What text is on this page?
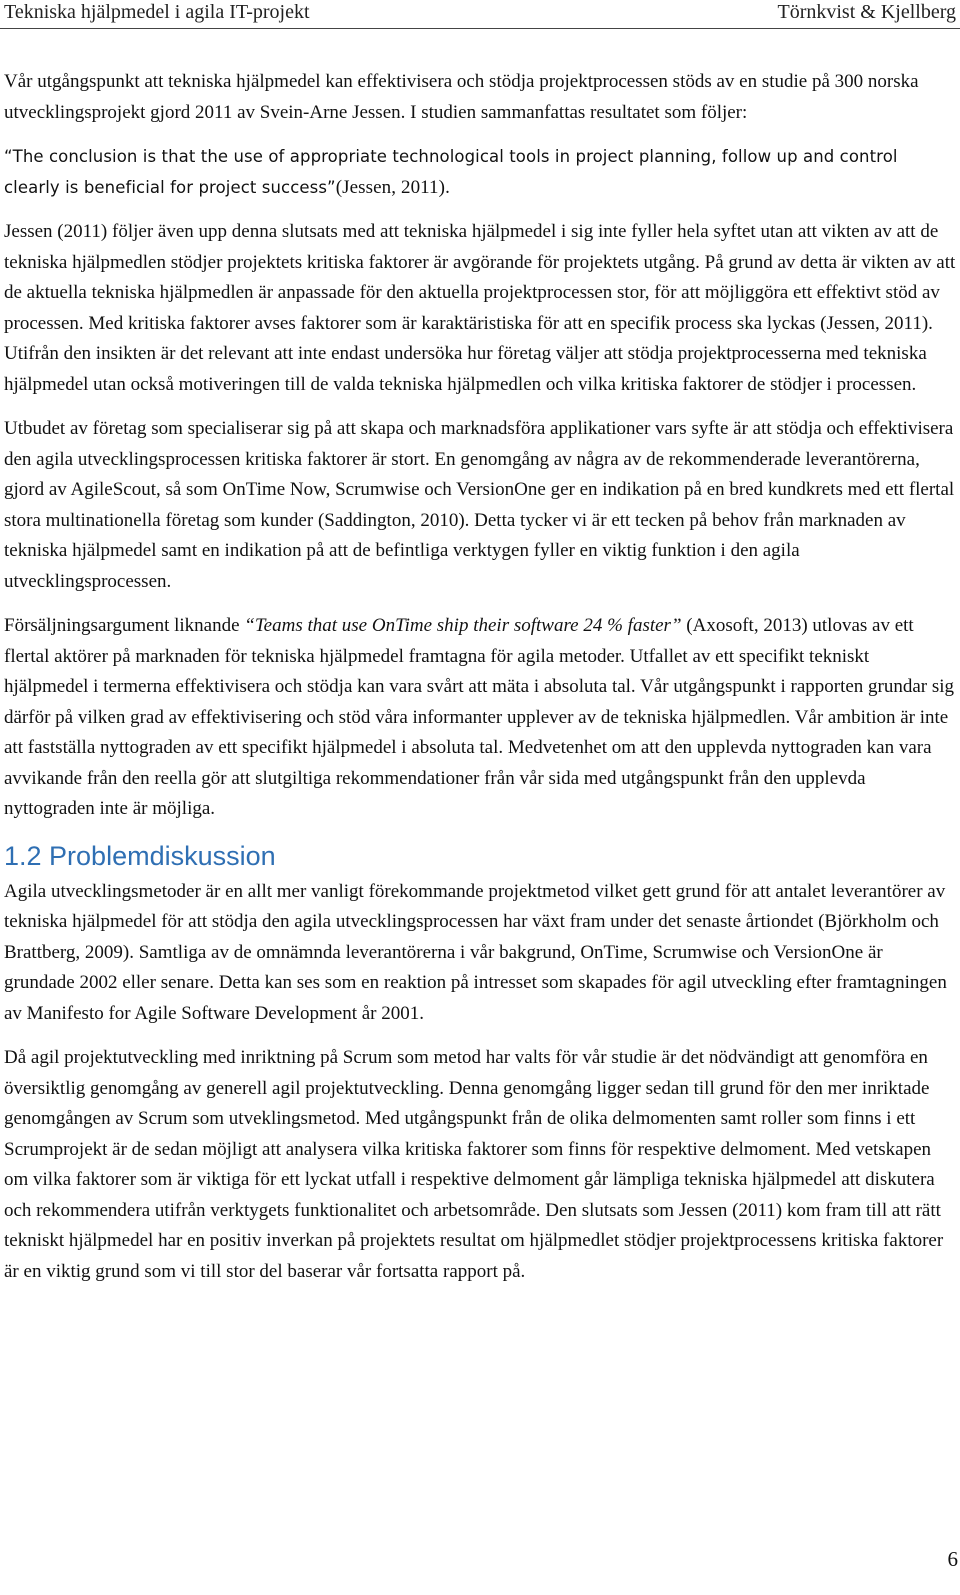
Tekniska hjälpmedel i agila IT-projekt	Törnkvist & Kjellberg

Vår utgångspunkt att tekniska hjälpmedel kan effektivisera och stödja projektprocessen stöds av en studie på 300 norska utvecklingsprojekt gjord 2011 av Svein-Arne Jessen. I studien sammanfattas resultatet som följer:

“The conclusion is that the use of appropriate technological tools in project planning, follow up and control clearly is beneficial for project success”(Jessen, 2011).

Jessen (2011) följer även upp denna slutsats med att tekniska hjälpmedel i sig inte fyller hela syftet utan att vikten av att de tekniska hjälpmedlen stödjer projektets kritiska faktorer är avgörande för projektets utgång. På grund av detta är vikten av att de aktuella tekniska hjälpmedlen är anpassade för den aktuella projektprocessen stor, för att möjliggöra ett effektivt stöd av processen. Med kritiska faktorer avses faktorer som är karaktäristiska för att en specifik process ska lyckas (Jessen, 2011). Utifrån den insikten är det relevant att inte endast undersöka hur företag väljer att stödja projektprocesserna med tekniska hjälpmedel utan också motiveringen till de valda tekniska hjälpmedlen och vilka kritiska faktorer de stödjer i processen.

Utbudet av företag som specialiserar sig på att skapa och marknadsföra applikationer vars syfte är att stödja och effektivisera den agila utvecklingsprocessen kritiska faktorer är stort. En genomgång av några av de rekommenderade leverantörerna, gjord av AgileScout, så som OnTime Now, Scrumwise och VersionOne ger en indikation på en bred kundkrets med ett flertal stora multinationella företag som kunder (Saddington, 2010). Detta tycker vi är ett tecken på behov från marknaden av tekniska hjälpmedel samt en indikation på att de befintliga verktygen fyller en viktig funktion i den agila utvecklingsprocessen.

Försäljningsargument liknande “Teams that use OnTime ship their software 24 % faster” (Axosoft, 2013) utlovas av ett flertal aktörer på marknaden för tekniska hjälpmedel framtagna för agila metoder. Utfallet av ett specifikt tekniskt hjälpmedel i termerna effektivisera och stödja kan vara svårt att mäta i absoluta tal. Vår utgångspunkt i rapporten grundar sig därför på vilken grad av effektivisering och stöd våra informanter upplever av de tekniska hjälpmedlen. Vår ambition är inte att fastställa nyttograden av ett specifikt hjälpmedel i absoluta tal. Medvetenhet om att den upplevda nyttograden kan vara avvikande från den reella gör att slutgiltiga rekommendationer från vår sida med utgångspunkt från den upplevda nyttograden inte är möjliga.

1.2 Problemdiskussion

Agila utvecklingsmetoder är en allt mer vanligt förekommande projektmetod vilket gett grund för att antalet leverantörer av tekniska hjälpmedel för att stödja den agila utvecklingsprocessen har växt fram under det senaste årtiondet (Björkholm och Brattberg, 2009). Samtliga av de omnämnda leverantörerna i vår bakgrund, OnTime, Scrumwise och VersionOne är grundade 2002 eller senare. Detta kan ses som en reaktion på intresset som skapades för agil utveckling efter framtagningen av Manifesto for Agile Software Development år 2001.

Då agil projektutveckling med inriktning på Scrum som metod har valts för vår studie är det nödvändigt att genomföra en översiktlig genomgång av generell agil projektutveckling. Denna genomgång ligger sedan till grund för den mer inriktade genomgången av Scrum som utveklingsmetod. Med utgångspunkt från de olika delmomenten samt roller som finns i ett Scrumprojekt är de sedan möjligt att analysera vilka kritiska faktorer som finns för respektive delmoment. Med vetskapen om vilka faktorer som är viktiga för ett lyckat utfall i respektive delmoment går lämpliga tekniska hjälpmedel att diskutera och rekommendera utifrån verktygets funktionalitet och arbetsområde. Den slutsats som Jessen (2011) kom fram till att rätt tekniskt hjälpmedel har en positiv inverkan på projektets resultat om hjälpmedlet stödjer projektprocessens kritiska faktorer är en viktig grund som vi till stor del baserar vår fortsatta rapport på.

6
